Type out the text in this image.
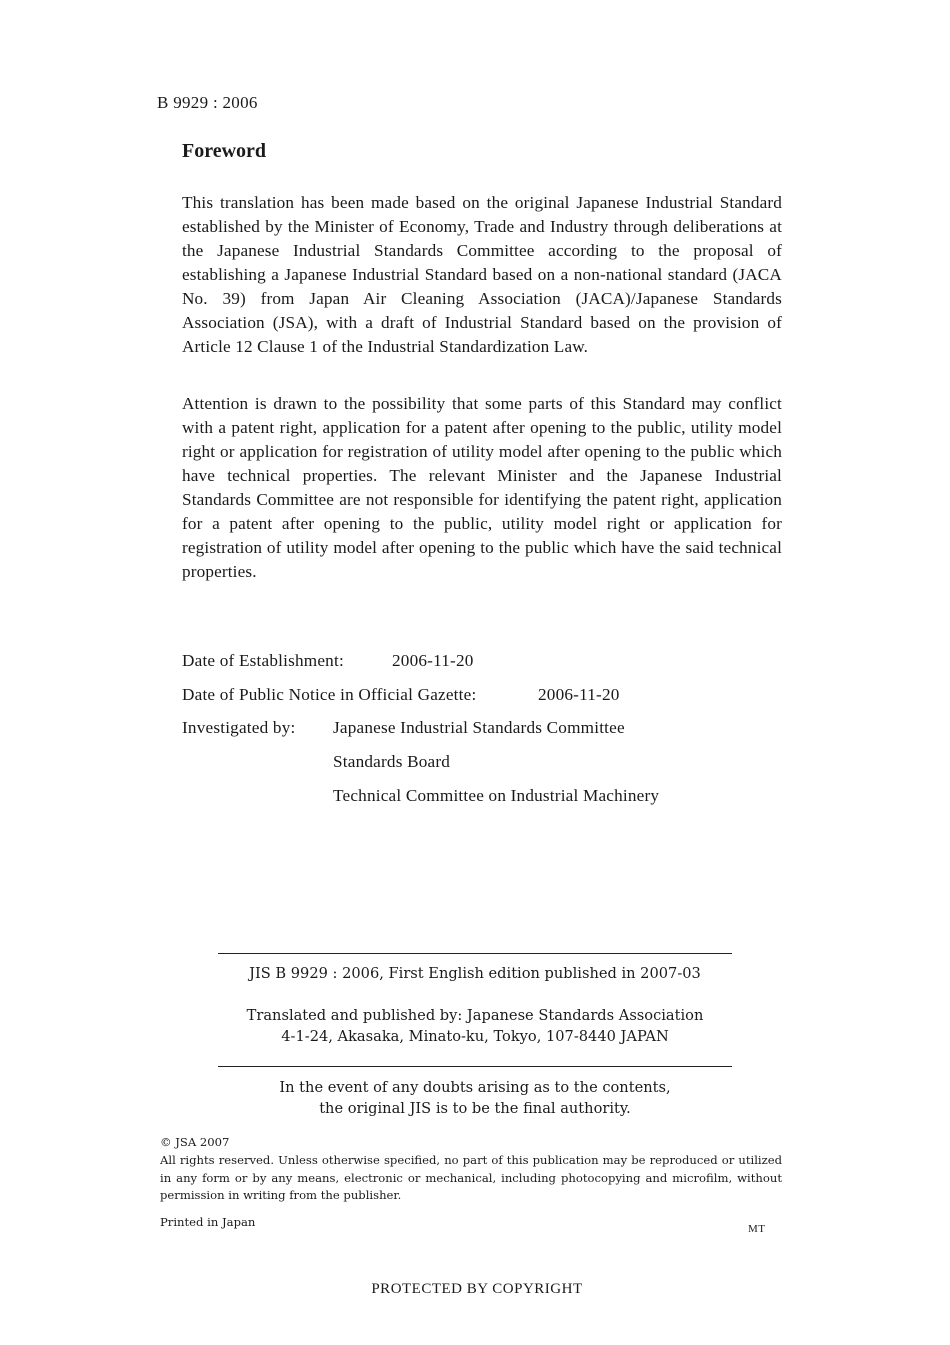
B 9929 : 2006
Foreword
This translation has been made based on the original Japanese Industrial Standard established by the Minister of Economy, Trade and Industry through deliberations at the Japanese Industrial Standards Committee according to the proposal of establishing a Japanese Industrial Standard based on a non-national standard (JACA No. 39) from Japan Air Cleaning Association (JACA)/Japanese Standards Association (JSA), with a draft of Industrial Standard based on the provision of Article 12 Clause 1 of the Industrial Standardization Law.
Attention is drawn to the possibility that some parts of this Standard may conflict with a patent right, application for a patent after opening to the public, utility model right or application for registration of utility model after opening to the public which have technical properties. The relevant Minister and the Japanese Industrial Standards Committee are not responsible for identifying the patent right, application for a patent after opening to the public, utility model right or application for registration of utility model after opening to the public which have the said technical properties.
Date of Establishment:	2006-11-20
Date of Public Notice in Official Gazette:	2006-11-20
Investigated by: Japanese Industrial Standards Committee
Standards Board
Technical Committee on Industrial Machinery
JIS B 9929 : 2006, First English edition published in 2007-03
Translated and published by: Japanese Standards Association
4-1-24, Akasaka, Minato-ku, Tokyo, 107-8440 JAPAN
In the event of any doubts arising as to the contents,
the original JIS is to be the final authority.
© JSA 2007
All rights reserved. Unless otherwise specified, no part of this publication may be reproduced or utilized in any form or by any means, electronic or mechanical, including photocopying and microfilm, without permission in writing from the publisher.
Printed in Japan	MT
PROTECTED BY COPYRIGHT
